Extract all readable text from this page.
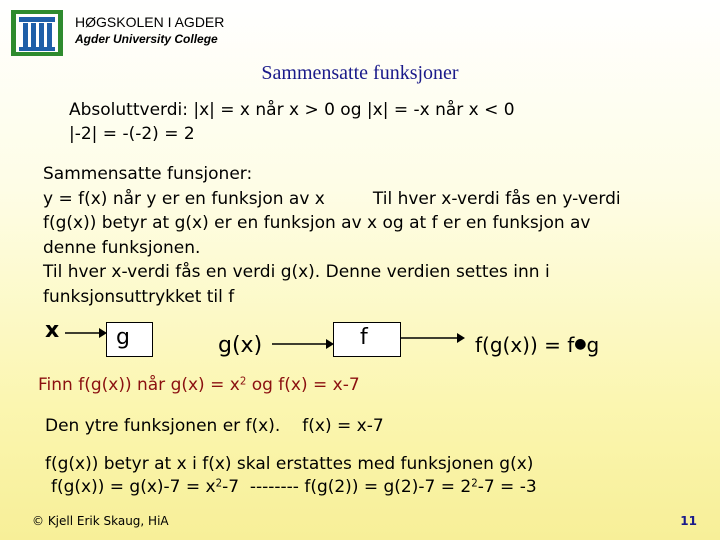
HØGSKOLEN I AGDER
Agder University College
Sammensatte funksjoner
Absoluttverdi: |x| = x når x > 0 og |x| = -x når x < 0
|-2| = -(-2) = 2
Sammensatte funsjoner:
y = f(x) når y er en funksjon av x	Til hver x-verdi fås en y-verdi
f(g(x)) betyr at g(x) er en funksjon av x og at f er en funksjon av
denne funksjonen.
Til hver x-verdi fås en verdi g(x). Denne verdien settes inn i
funksjonsuttrykket til f
x	g	g(x)	f	f(g(x)) = f●g
Finn f(g(x)) når $g(x) = x^2$ og f(x) = x-7
Den ytre funksjonen er f(x). f(x) = x-7
f(g(x)) betyr at x i f(x) skal erstattes med funksjonen g(x)
$f(g(x)) = g(x)-7 = x^2-7$  -------- $f(g(2)) = g(2)-7 = 2^2-7 = -3$
© Kjell Erik Skaug, HiA	11
